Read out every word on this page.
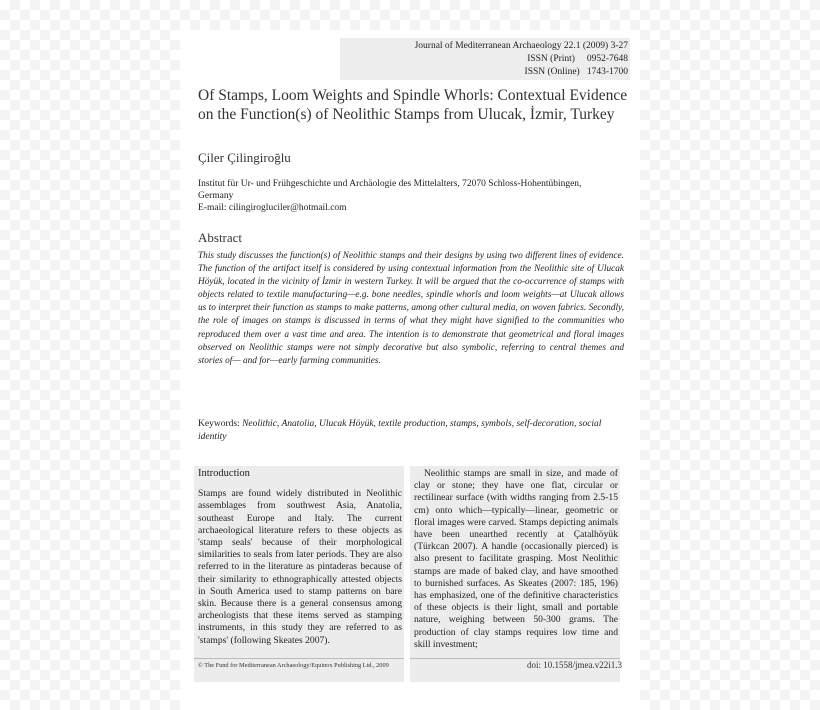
Journal of Mediterranean Archaeology 22.1 (2009) 3-27
ISSN (Print)     0952-7648
ISSN (Online)   1743-1700
Of Stamps, Loom Weights and Spindle Whorls: Contextual Evidence on the Function(s) of Neolithic Stamps from Ulucak, İzmir, Turkey
Çiler Çilingiroğlu
Institut für Ur- und Frühgeschichte und Archäologie des Mittelalters, 72070 Schloss-Hohentübingen, Germany
E-mail: cilingirogluciler@hotmail.com
Abstract
This study discusses the function(s) of Neolithic stamps and their designs by using two different lines of evidence. The function of the artifact itself is considered by using contextual information from the Neolithic site of Ulucak Höyük, located in the vicinity of İzmir in western Turkey. It will be argued that the co-occurrence of stamps with objects related to textile manufacturing—e.g. bone needles, spindle whorls and loom weights—at Ulucak allows us to interpret their function as stamps to make patterns, among other cultural media, on woven fabrics. Secondly, the role of images on stamps is discussed in terms of what they might have signified to the communities who reproduced them over a vast time and area. The intention is to demonstrate that geometrical and floral images observed on Neolithic stamps were not simply decorative but also symbolic, referring to central themes and stories of— and for—early farming communities.
Keywords: Neolithic, Anatolia, Ulucak Höyük, textile production, stamps, symbols, self-decoration, social identity
Introduction

Stamps are found widely distributed in Neolithic assemblages from southwest Asia, Anatolia, southeast Europe and Italy. The current archaeological literature refers to these objects as 'stamp seals' because of their morphological similarities to seals from later periods. They are also referred to in the literature as pintaderas because of their similarity to ethnographically attested objects in South America used to stamp patterns on bare skin. Because there is a general consensus among archeologists that these items served as stamping instruments, in this study they are referred to as 'stamps' (following Skeates 2007).

Neolithic stamps are small in size, and made of clay or stone; they have one flat, circular or rectilinear surface (with widths ranging from 2.5-15 cm) onto which—typically—linear, geometric or floral images were carved. Stamps depicting animals have been unearthed recently at Çatalhöyük (Türkcan 2007). A handle (occasionally pierced) is also present to facilitate grasping. Most Neolithic stamps are made of baked clay, and have smoothed to burnished surfaces. As Skeates (2007: 185, 196) has emphasized, one of the definitive characteristics of these objects is their light, small and portable nature, weighing between 50-300 grams. The production of clay stamps requires low time and skill investment;

© The Fund for Mediterranean Archaeology/Equinox Publishing Ltd., 2009	doi: 10.1558/jmea.v22i1.3
